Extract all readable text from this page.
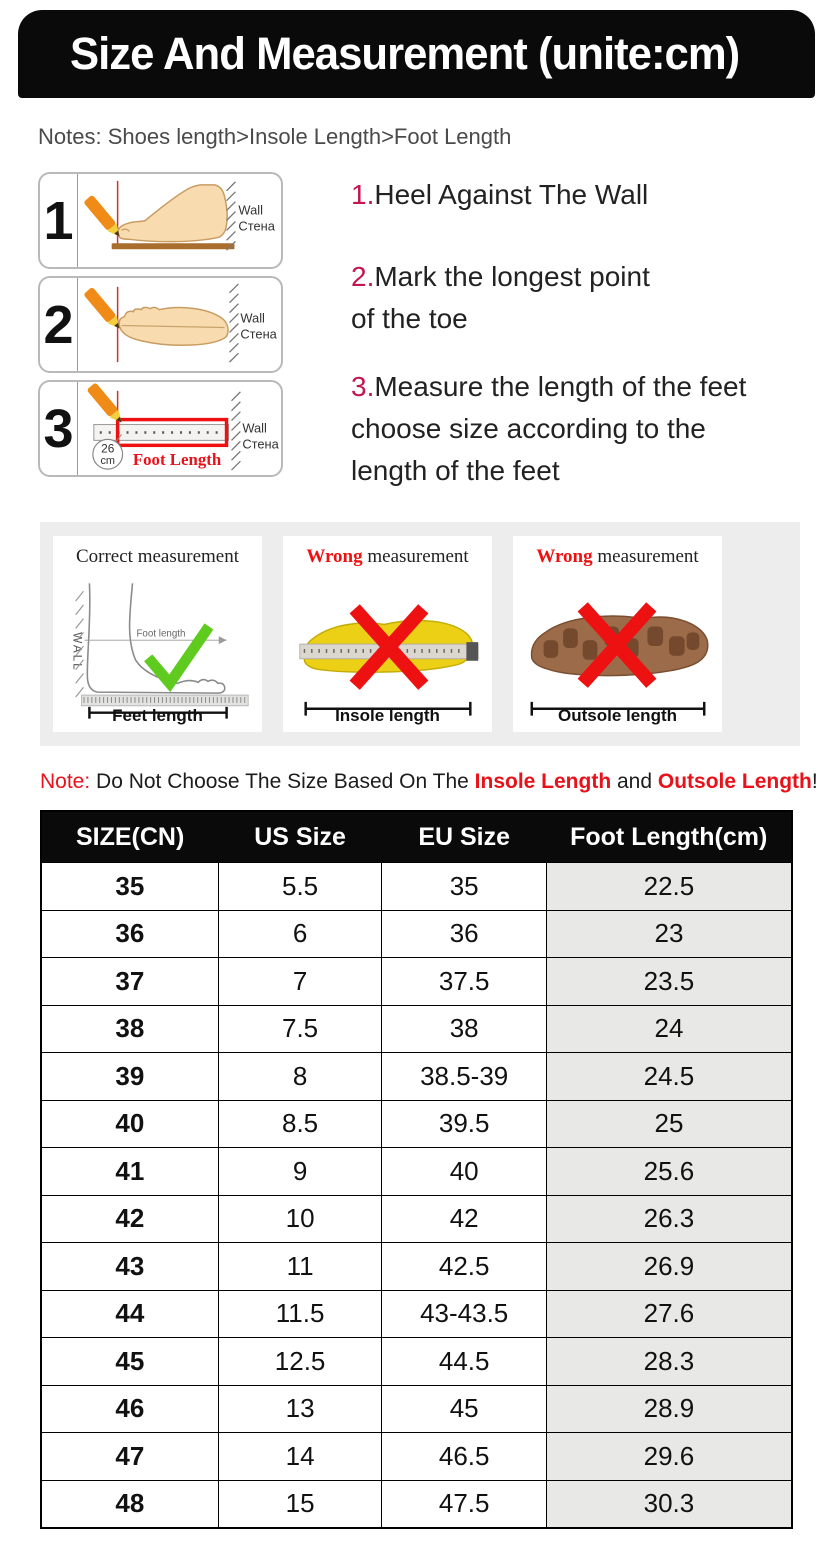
Size And Measurement (unite:cm)

Notes: Shoes length>Insole Length>Foot Length

1	Wall
Стена
2	Wall
Стена
3	26
cm Foot Length
Wall
Стена
1.Heel Against The Wall
2.Mark the longest point
of the toe
3.Measure the length of the feet
choose size according to the
length of the feet
Correct measurement
WALL	Foot length
Feet length
Wrong measurement
Insole length
Wrong measurement
Outsole length

Note: Do Not Choose The Size Based On The Insole Length and Outsole Length!

SIZE(CN)	US Size	EU Size	Foot Length(cm)
35	5.5	35	22.5
36	6	36	23
37	7	37.5	23.5
38	7.5	38	24
39	8	38.5-39	24.5
40	8.5	39.5	25
41	9	40	25.6
42	10	42	26.3
43	11	42.5	26.9
44	11.5	43-43.5	27.6
45	12.5	44.5	28.3
46	13	45	28.9
47	14	46.5	29.6
48	15	47.5	30.3
